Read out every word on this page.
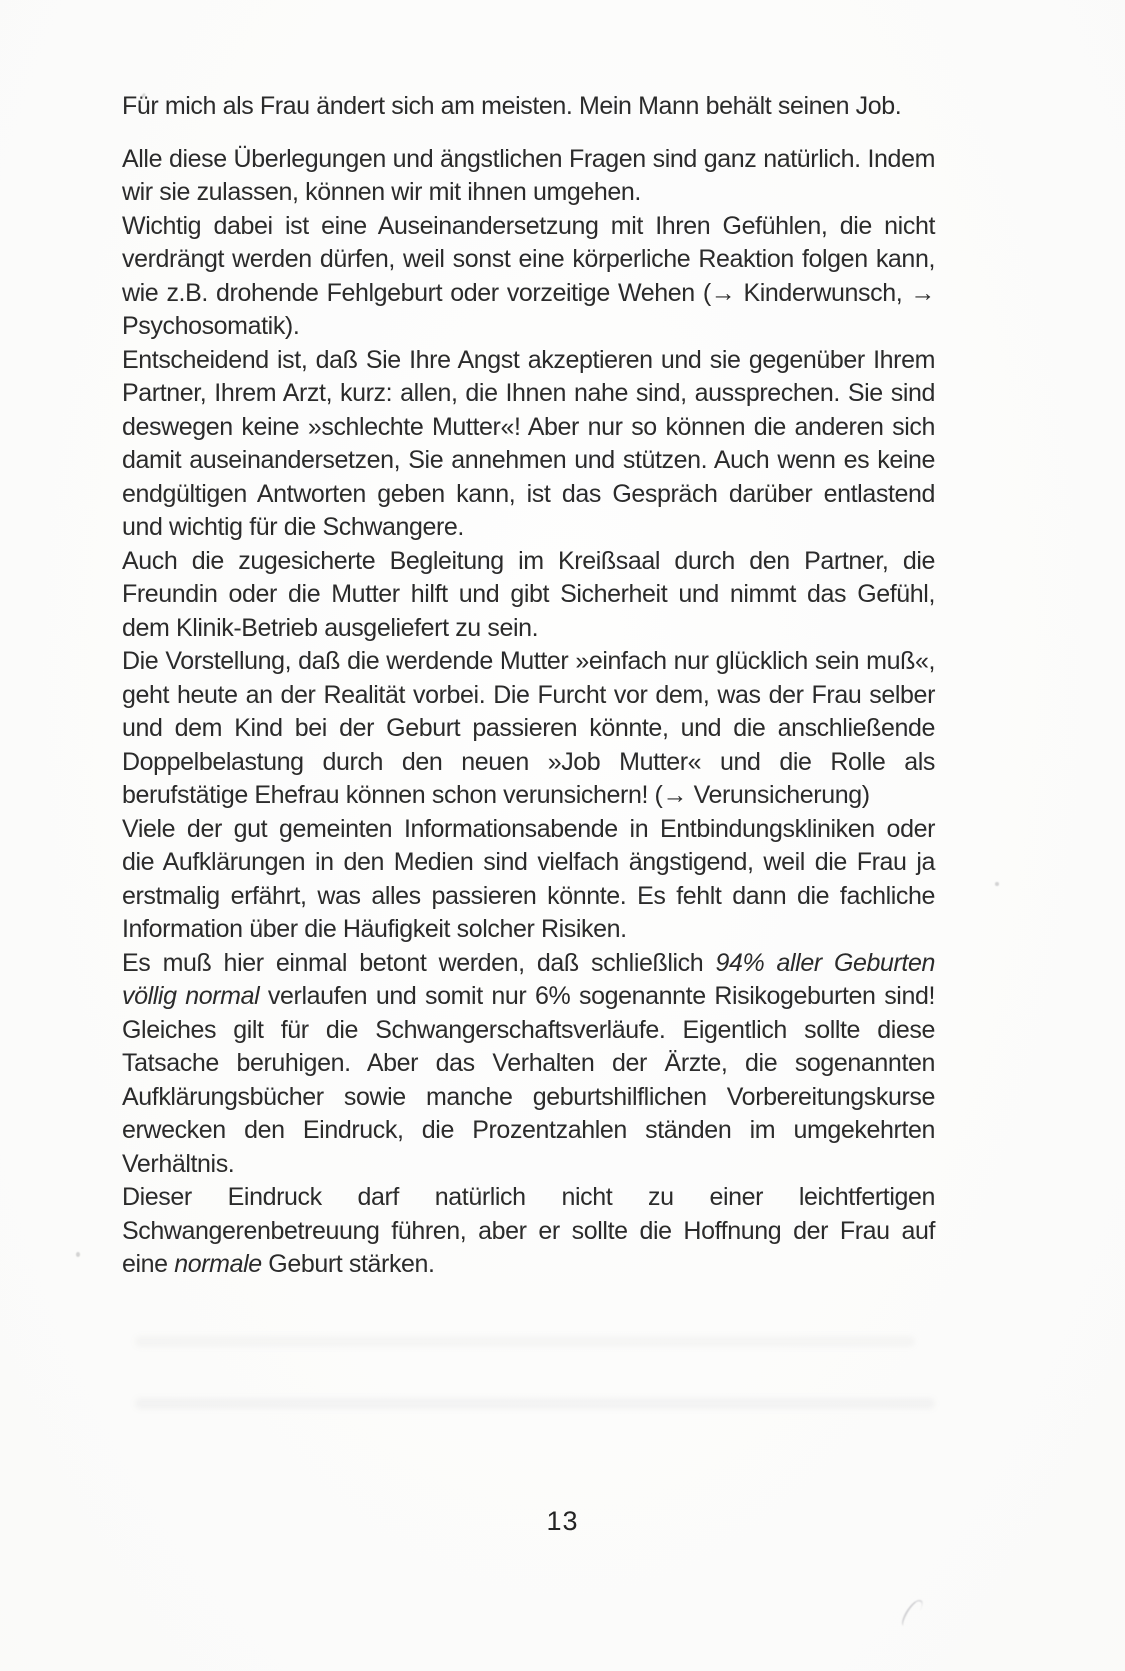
Für mich als Frau ändert sich am meisten. Mein Mann behält seinen Job.

Alle diese Überlegungen und ängstlichen Fragen sind ganz natürlich. Indem wir sie zulassen, können wir mit ihnen umgehen.

Wichtig dabei ist eine Auseinandersetzung mit Ihren Gefühlen, die nicht verdrängt werden dürfen, weil sonst eine körperliche Reaktion folgen kann, wie z.B. drohende Fehlgeburt oder vorzeitige Wehen (→ Kinderwunsch, → Psychosomatik).

Entscheidend ist, daß Sie Ihre Angst akzeptieren und sie gegenüber Ihrem Partner, Ihrem Arzt, kurz: allen, die Ihnen nahe sind, aussprechen. Sie sind deswegen keine »schlechte Mutter«! Aber nur so können die anderen sich damit auseinandersetzen, Sie annehmen und stützen. Auch wenn es keine endgültigen Antworten geben kann, ist das Gespräch darüber entlastend und wichtig für die Schwangere.

Auch die zugesicherte Begleitung im Kreißsaal durch den Partner, die Freundin oder die Mutter hilft und gibt Sicherheit und nimmt das Gefühl, dem Klinik-Betrieb ausgeliefert zu sein.

Die Vorstellung, daß die werdende Mutter »einfach nur glücklich sein muß«, geht heute an der Realität vorbei. Die Furcht vor dem, was der Frau selber und dem Kind bei der Geburt passieren könnte, und die anschließende Doppelbelastung durch den neuen »Job Mutter« und die Rolle als berufstätige Ehefrau können schon verunsichern! (→ Verunsicherung)

Viele der gut gemeinten Informationsabende in Entbindungskliniken oder die Aufklärungen in den Medien sind vielfach ängstigend, weil die Frau ja erstmalig erfährt, was alles passieren könnte. Es fehlt dann die fachliche Information über die Häufigkeit solcher Risiken.

Es muß hier einmal betont werden, daß schließlich 94% aller Geburten völlig normal verlaufen und somit nur 6% sogenannte Risikogeburten sind! Gleiches gilt für die Schwangerschaftsverläufe. Eigentlich sollte diese Tatsache beruhigen. Aber das Verhalten der Ärzte, die sogenannten Aufklärungsbücher sowie manche geburtshilflichen Vorbereitungskurse erwecken den Eindruck, die Prozentzahlen ständen im umgekehrten Verhältnis.

Dieser Eindruck darf natürlich nicht zu einer leichtfertigen Schwangerenbetreuung führen, aber er sollte die Hoffnung der Frau auf eine normale Geburt stärken.

13
